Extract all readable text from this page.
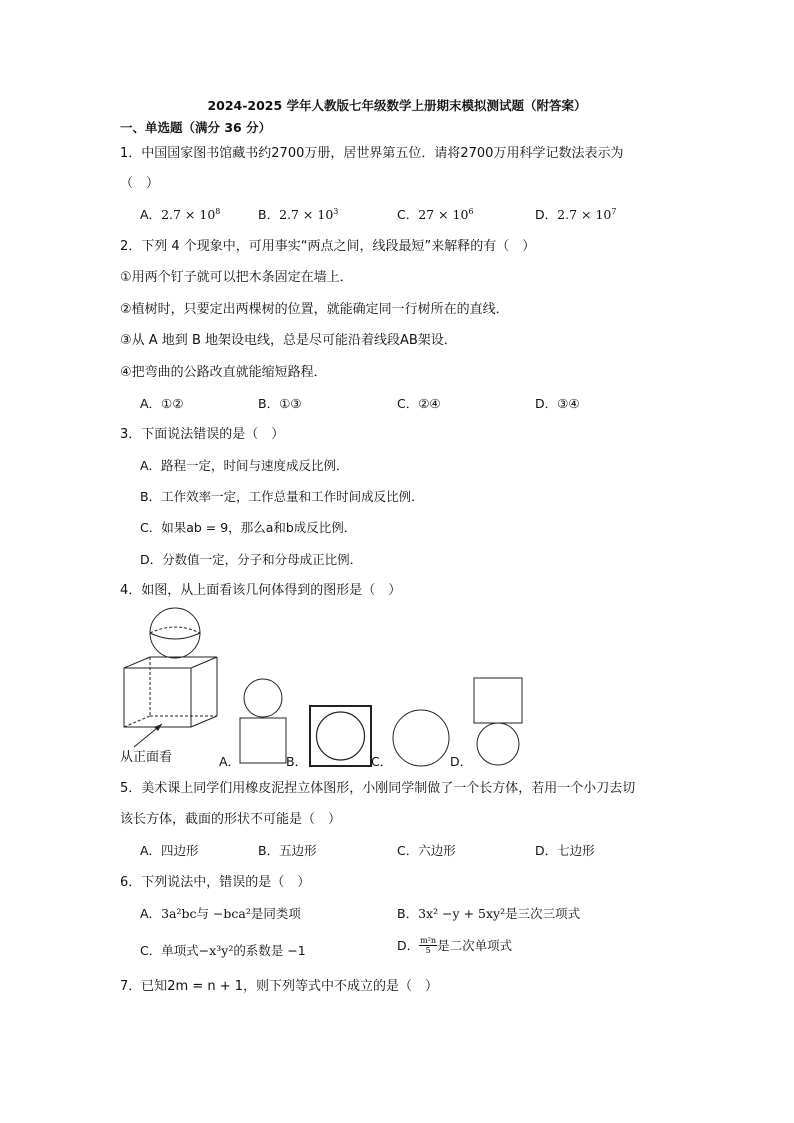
2024-2025 学年人教版七年级数学上册期末模拟测试题（附答案）
一、单选题（满分 36 分）
1．中国国家图书馆藏书约2700万册，居世界第五位．请将2700万用科学记数法表示为
（　）
A．$2.7 \times 10^8$	B．$2.7 \times 10^3$	C．$27 \times 10^6$	D．$2.7 \times 10^7$
2．下列 4 个现象中，可用事实“两点之间，线段最短”来解释的有（　）
①用两个钉子就可以把木条固定在墙上．
②植树时，只要定出两棵树的位置，就能确定同一行树所在的直线．
③从 A 地到 B 地架设电线，总是尽可能沿着线段AB架设．
④把弯曲的公路改直就能缩短路程．
A．①②	B．①③	C．②④	D．③④
3．下面说法错误的是（　）
A．路程一定，时间与速度成反比例．
B．工作效率一定，工作总量和工作时间成反比例．
C．如果ab = 9，那么a和b成反比例．
D．分数值一定，分子和分母成正比例．
4．如图，从上面看该几何体得到的图形是（　）
从正面看	A．	B．	C．	D．
5．美术课上同学们用橡皮泥捏立体图形，小刚同学制做了一个长方体，若用一个小刀去切
该长方体，截面的形状不可能是（　）
A．四边形	B．五边形	C．六边形	D．七边形
6．下列说法中，错误的是（　）
A．3a²bc与 −bca²是同类项	B．3x² −y + 5xy²是三次三项式
C．单项式−x³y²的系数是 −1	D． $\frac{\text{m²n}}{5}$ 是二次单项式
7．已知2m = n + 1，则下列等式中不成立的是（　）
